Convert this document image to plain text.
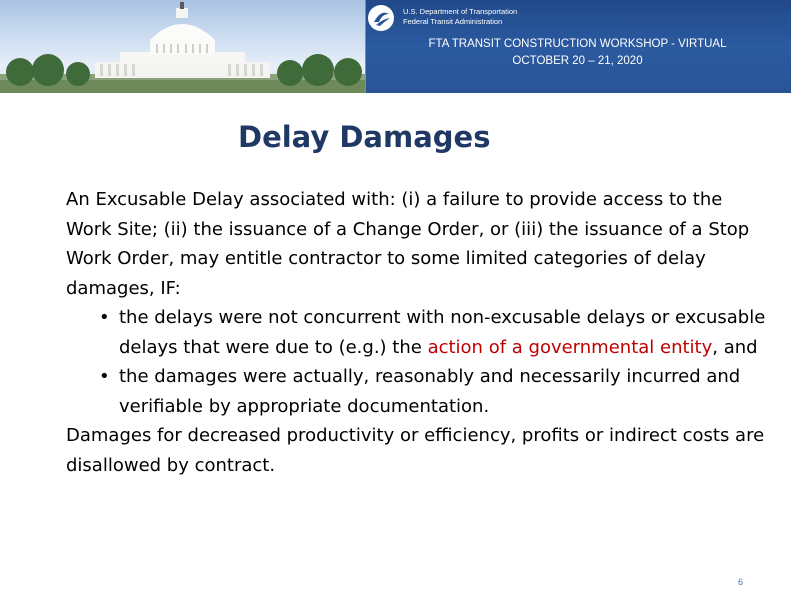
U.S. Department of Transportation
Federal Transit Administration
FTA TRANSIT CONSTRUCTION WORKSHOP - VIRTUAL
OCTOBER 20 – 21, 2020
Delay Damages

An Excusable Delay associated with: (i) a failure to provide access to the Work Site; (ii) the issuance of a Change Order, or (iii) the issuance of a Stop Work Order, may entitle contractor to some limited categories of delay damages, IF:

• the delays were not concurrent with non-excusable delays or excusable delays that were due to (e.g.) the action of a governmental entity, and

• the damages were actually, reasonably and necessarily incurred and verifiable by appropriate documentation.

Damages for decreased productivity or efficiency, profits or indirect costs are disallowed by contract.

6
